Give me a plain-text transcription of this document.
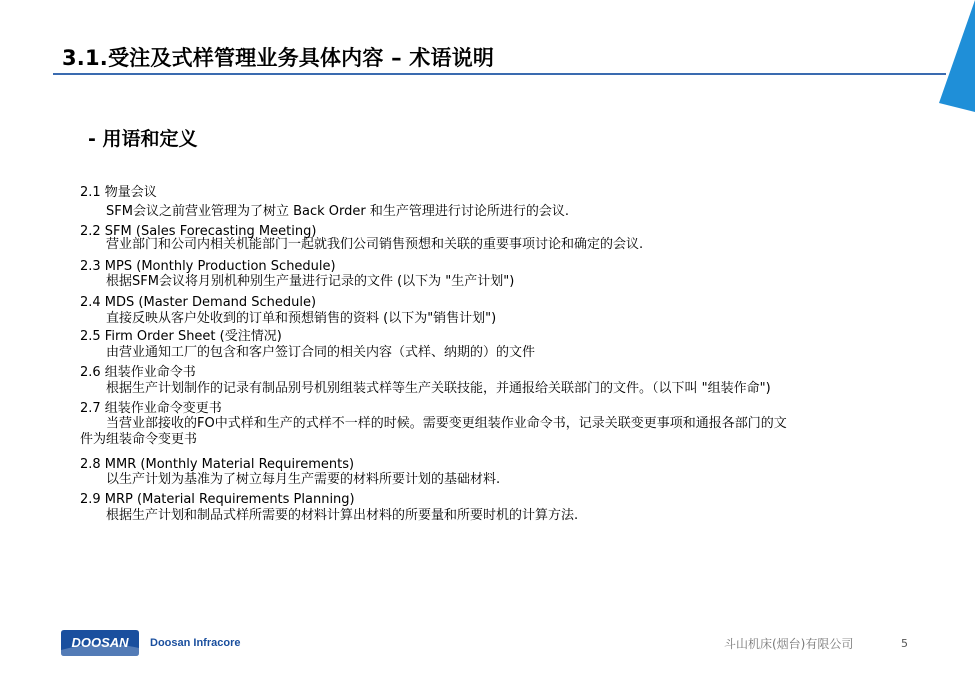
3.1.受注及式样管理业务具体内容 – 术语说明
- 用语和定义
2.1 物量会议
SFM会议之前营业管理为了树立 Back Order 和生产管理进行讨论所进行的会议.
2.2 SFM (Sales Forecasting Meeting)
营业部门和公司内相关机能部门一起就我们公司销售预想和关联的重要事项讨论和确定的会议.
2.3 MPS (Monthly Production Schedule)
根据SFM会议将月别机种别生产量进行记录的文件 (以下为 "生产计划")
2.4 MDS (Master Demand Schedule)
直接反映从客户处收到的订单和预想销售的资料 (以下为"销售计划")
2.5 Firm Order Sheet (受注情况)
由营业通知工厂的包含和客户签订合同的相关内容（式样、纳期的）的文件
2.6 组装作业命令书
根据生产计划制作的记录有制品别号机别组装式样等生产关联技能，并通报给关联部门的文件。（以下叫 "组装作命")
2.7 组装作业命令变更书
当营业部接收的FO中式样和生产的式样不一样的时候。需要变更组装作业命令书，记录关联变更事项和通报各部门的文
件为组装命令变更书
2.8 MMR (Monthly Material Requirements)
以生产计划为基准为了树立每月生产需要的材料所要计划的基础材料.
2.9 MRP (Material Requirements Planning)
根据生产计划和制品式样所需要的材料计算出材料的所要量和所要时机的计算方法.
DOOSAN Doosan Infracore	斗山机床(烟台)有限公司	5
